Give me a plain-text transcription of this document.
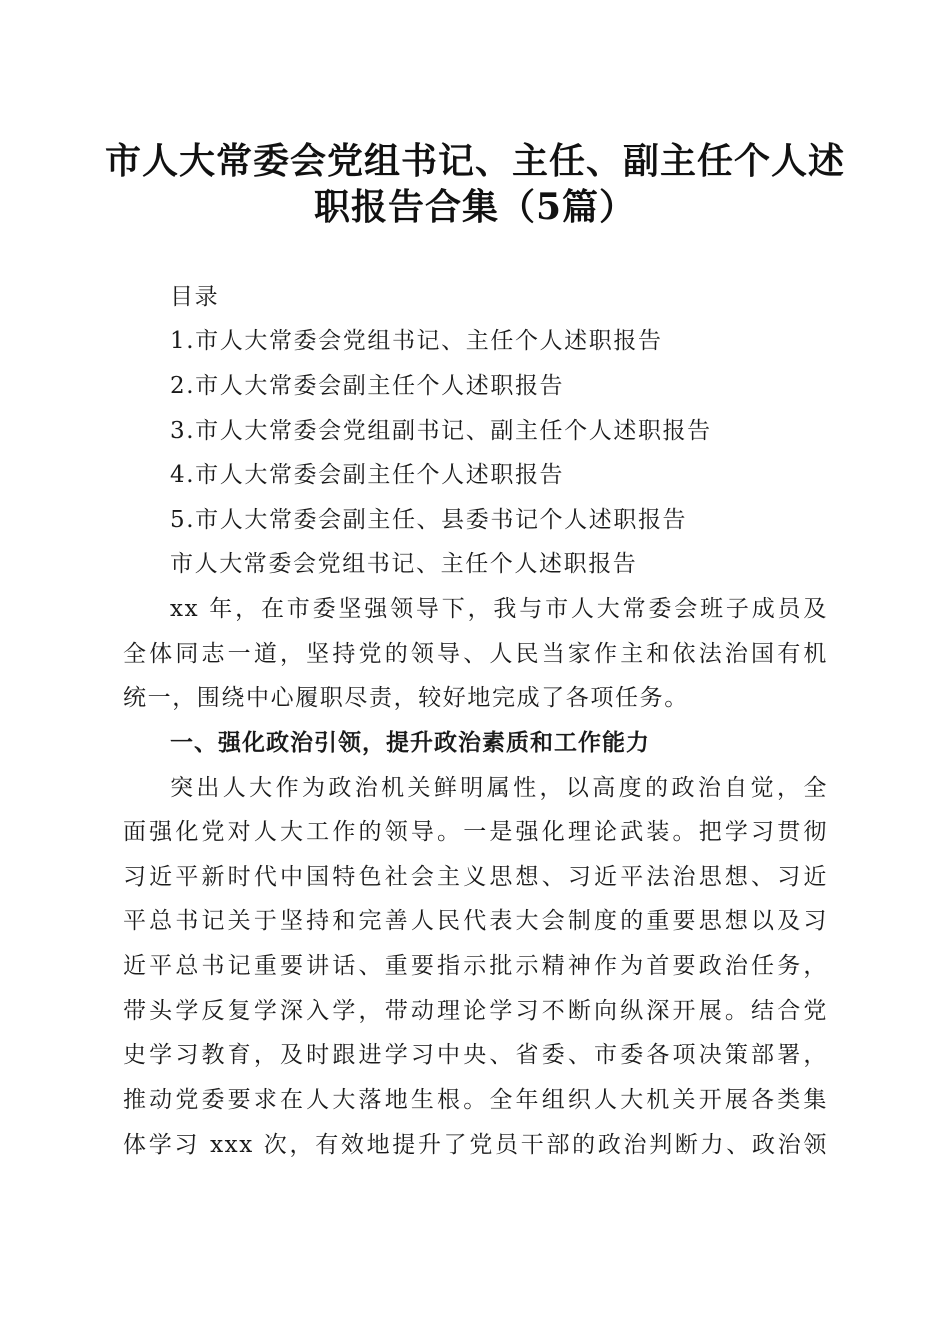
市人大常委会党组书记、主任、副主任个人述
职报告合集（5篇）
目录
1.市人大常委会党组书记、主任个人述职报告
2.市人大常委会副主任个人述职报告
3.市人大常委会党组副书记、副主任个人述职报告
4.市人大常委会副主任个人述职报告
5.市人大常委会副主任、县委书记个人述职报告
市人大常委会党组书记、主任个人述职报告
xx 年，在市委坚强领导下，我与市人大常委会班子成员及
全体同志一道，坚持党的领导、人民当家作主和依法治国有机
统一，围绕中心履职尽责，较好地完成了各项任务。
一、强化政治引领，提升政治素质和工作能力
突出人大作为政治机关鲜明属性，以高度的政治自觉，全
面强化党对人大工作的领导。一是强化理论武装。把学习贯彻
习近平新时代中国特色社会主义思想、习近平法治思想、习近
平总书记关于坚持和完善人民代表大会制度的重要思想以及习
近平总书记重要讲话、重要指示批示精神作为首要政治任务，
带头学反复学深入学，带动理论学习不断向纵深开展。结合党
史学习教育，及时跟进学习中央、省委、市委各项决策部署，
推动党委要求在人大落地生根。全年组织人大机关开展各类集
体学习 xxx 次，有效地提升了党员干部的政治判断力、政治领
